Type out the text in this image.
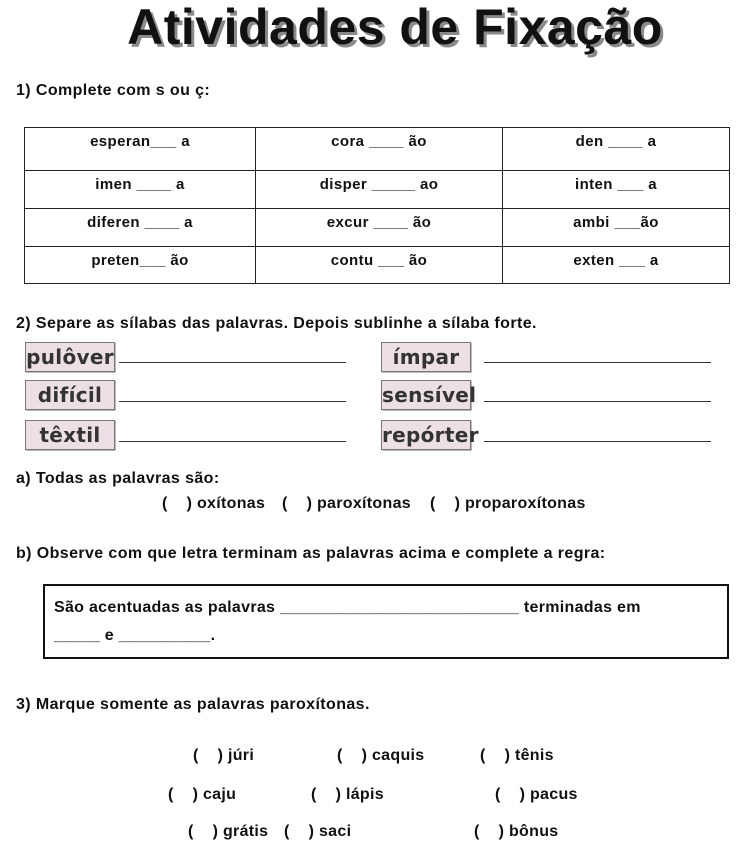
Atividades de Fixação
1) Complete com s ou ç:
esperan___ a	cora ____ ão	den ____ a
imen ____ a	disper _____ ao	inten ___ a
diferen ____ a	excur ____ ão	ambi ___ão
preten___ ão	contu ___ ão	exten ___ a
2) Separe as sílabas das palavras. Depois sublinhe a sílaba forte.
pulôver	ímpar
difícil	sensível
têxtil	repórter
a) Todas as palavras são:
(    ) oxítonas (    ) paroxítonas (    ) proparoxítonas
b) Observe com que letra terminam as palavras acima e complete a regra:
São acentuadas as palavras __________________________ terminadas em
_____ e __________.
3) Marque somente as palavras paroxítonas.
(    ) júri	(    ) caquis	(    ) tênis
(    ) caju	(    ) lápis	(    ) pacus
(    ) grátis (    ) saci	(    ) bônus
